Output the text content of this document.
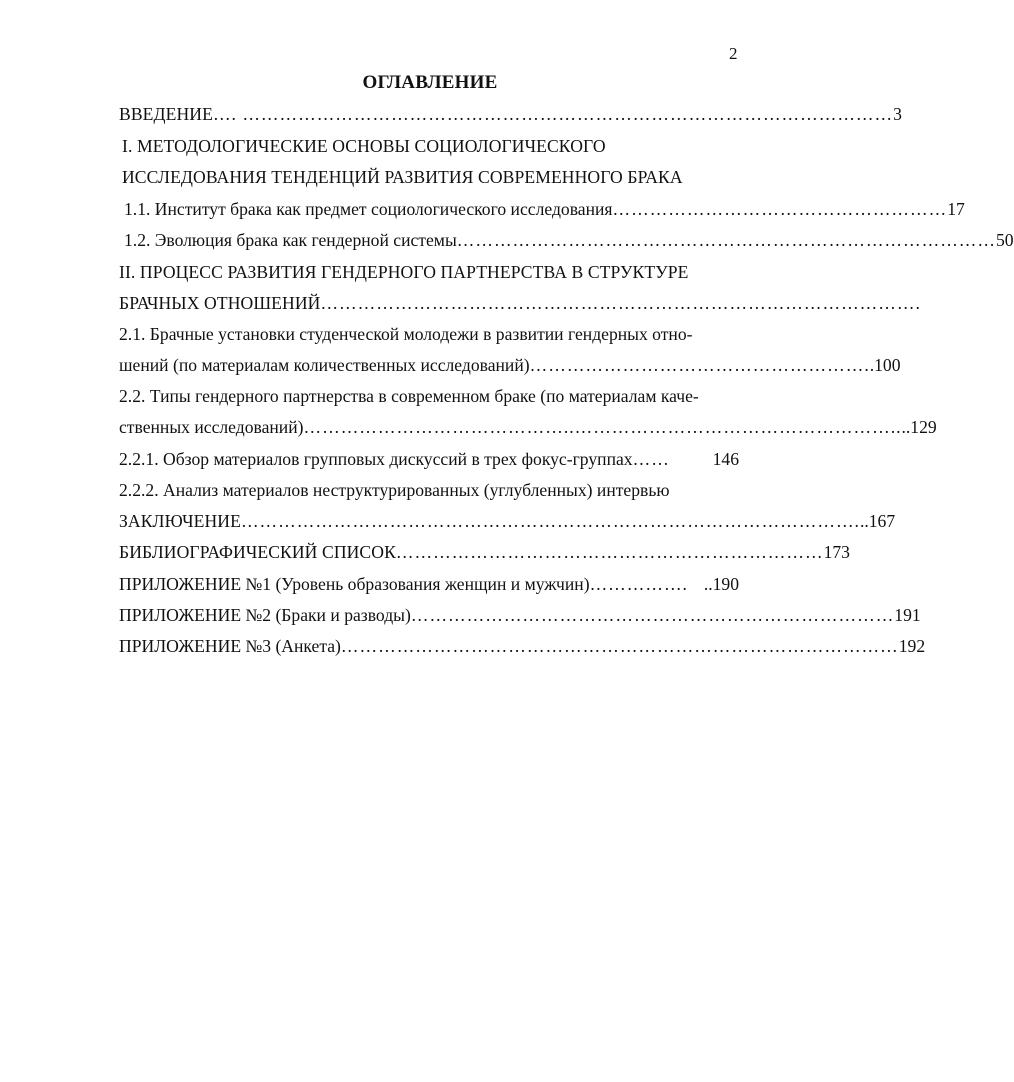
2
ОГЛАВЛЕНИЕ
ВВЕДЕНИЕ …. …………………………………………………………………………………………… 3
I. МЕТОДОЛОГИЧЕСКИЕ ОСНОВЫ СОЦИОЛОГИЧЕСКОГО
ИССЛЕДОВАНИЯ ТЕНДЕНЦИЙ РАЗВИТИЯ СОВРЕМЕННОГО БРАКА
1.1. Институт брака как предмет социологического исследования ……………………………………………… 17
1.2. Эволюция брака как гендерной системы …………………………………………………………………………… 50
II. ПРОЦЕСС РАЗВИТИЯ ГЕНДЕРНОГО ПАРТНЕРСТВА В СТРУКТУРЕ
БРАЧНЫХ ОТНОШЕНИЙ …………………………………………………………………………………….
2.1. Брачные установки студенческой молодежи в развитии гендерных отно-
шений (по материалам количественных исследований) ………………………………………………. .100
2.2. Типы гендерного партнерства в современном браке (по материалам каче-
ственных исследований) ……………………………………..…………………………………………….. ..129
2.2.1. Обзор материалов групповых дискуссий в трех фокус-группах ……	146
2.2.2. Анализ материалов неструктурированных (углубленных) интервью
ЗАКЛЮЧЕНИЕ ………………………………………………………………………………………. ..167
БИБЛИОГРАФИЧЕСКИЙ СПИСОК …………………………………………………………… 173
ПРИЛОЖЕНИЕ №1 (Уровень образования женщин и мужчин) ……………. ..190
ПРИЛОЖЕНИЕ №2 (Браки и разводы) …………………………………………………………………… 191
ПРИЛОЖЕНИЕ №3 (Анкета) ……………………………………………………………………………… 192
